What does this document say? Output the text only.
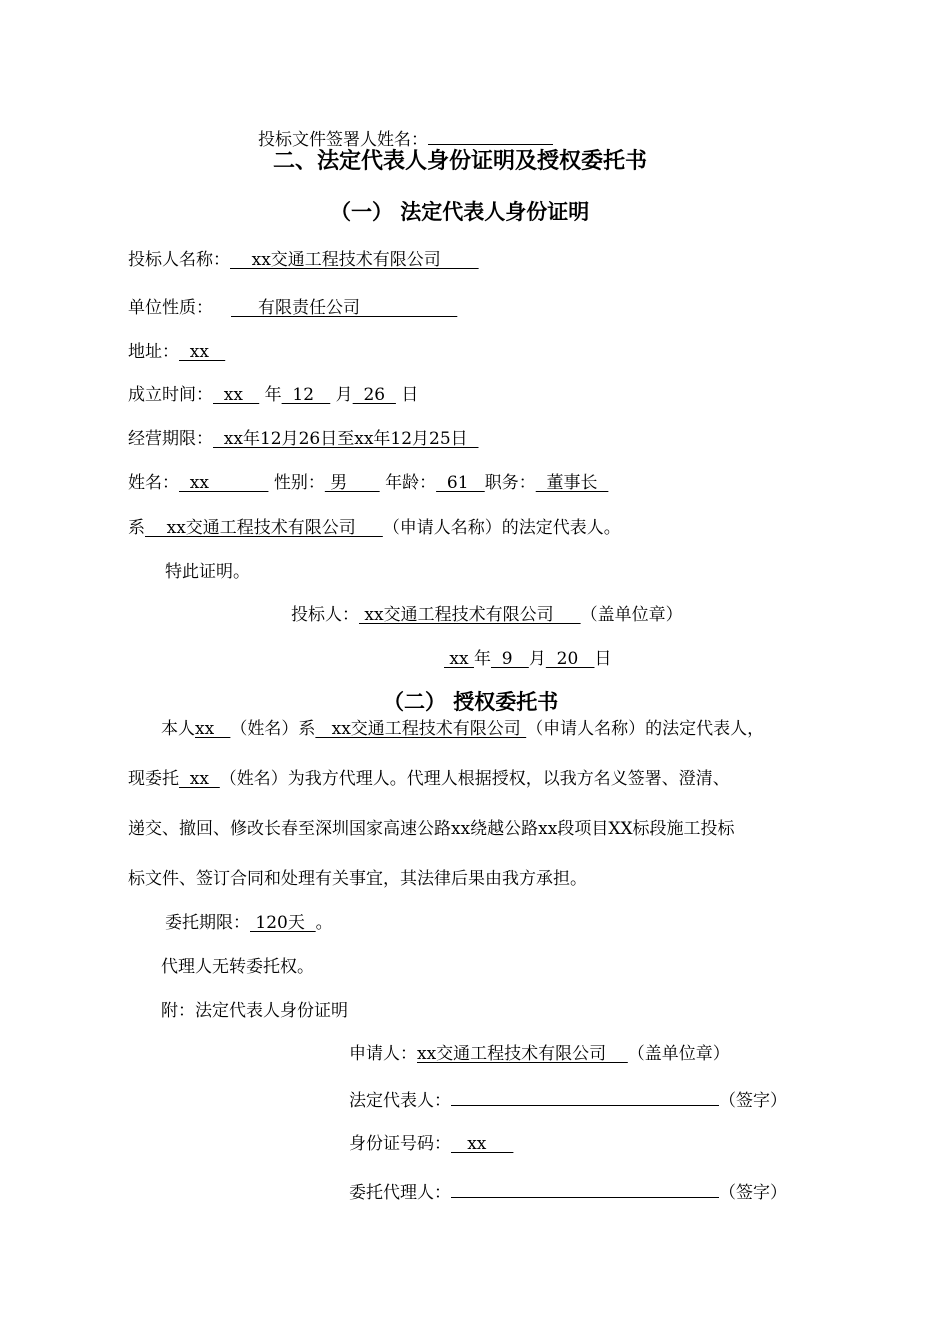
投标文件签署人姓名：
二、法定代表人身份证明及授权委托书
（一） 法定代表人身份证明
投标人名称：    xx交通工程技术有限公司
单位性质：     有限责任公司
地址：  xx
成立时间：  xx    年  12    月  26   日
经营期限：  xx年12月26日至xx年12月25日
姓名：  xx            性别： 男       年龄：  61   职务：  董事长
系    xx交通工程技术有限公司     （申请人名称）的法定代表人。
特此证明。
投标人： xx交通工程技术有限公司     （盖单位章）
xx 年  9   月  20   日
（二） 授权委托书
本人xx   （姓名）系   xx交通工程技术有限公司 （申请人名称）的法定代表人，
现委托  xx  （姓名）为我方代理人。代理人根据授权，以我方名义签署、澄清、
递交、撤回、修改长春至深圳国家高速公路xx绕越公路xx段项目XX标段施工投标
标文件、签订合同和处理有关事宜，其法律后果由我方承担。
委托期限： 120天  。
代理人无转委托权。
附：法定代表人身份证明
申请人：xx交通工程技术有限公司    （盖单位章）
法定代表人：	（签字）
身份证号码：   xx
委托代理人：	（签字）
